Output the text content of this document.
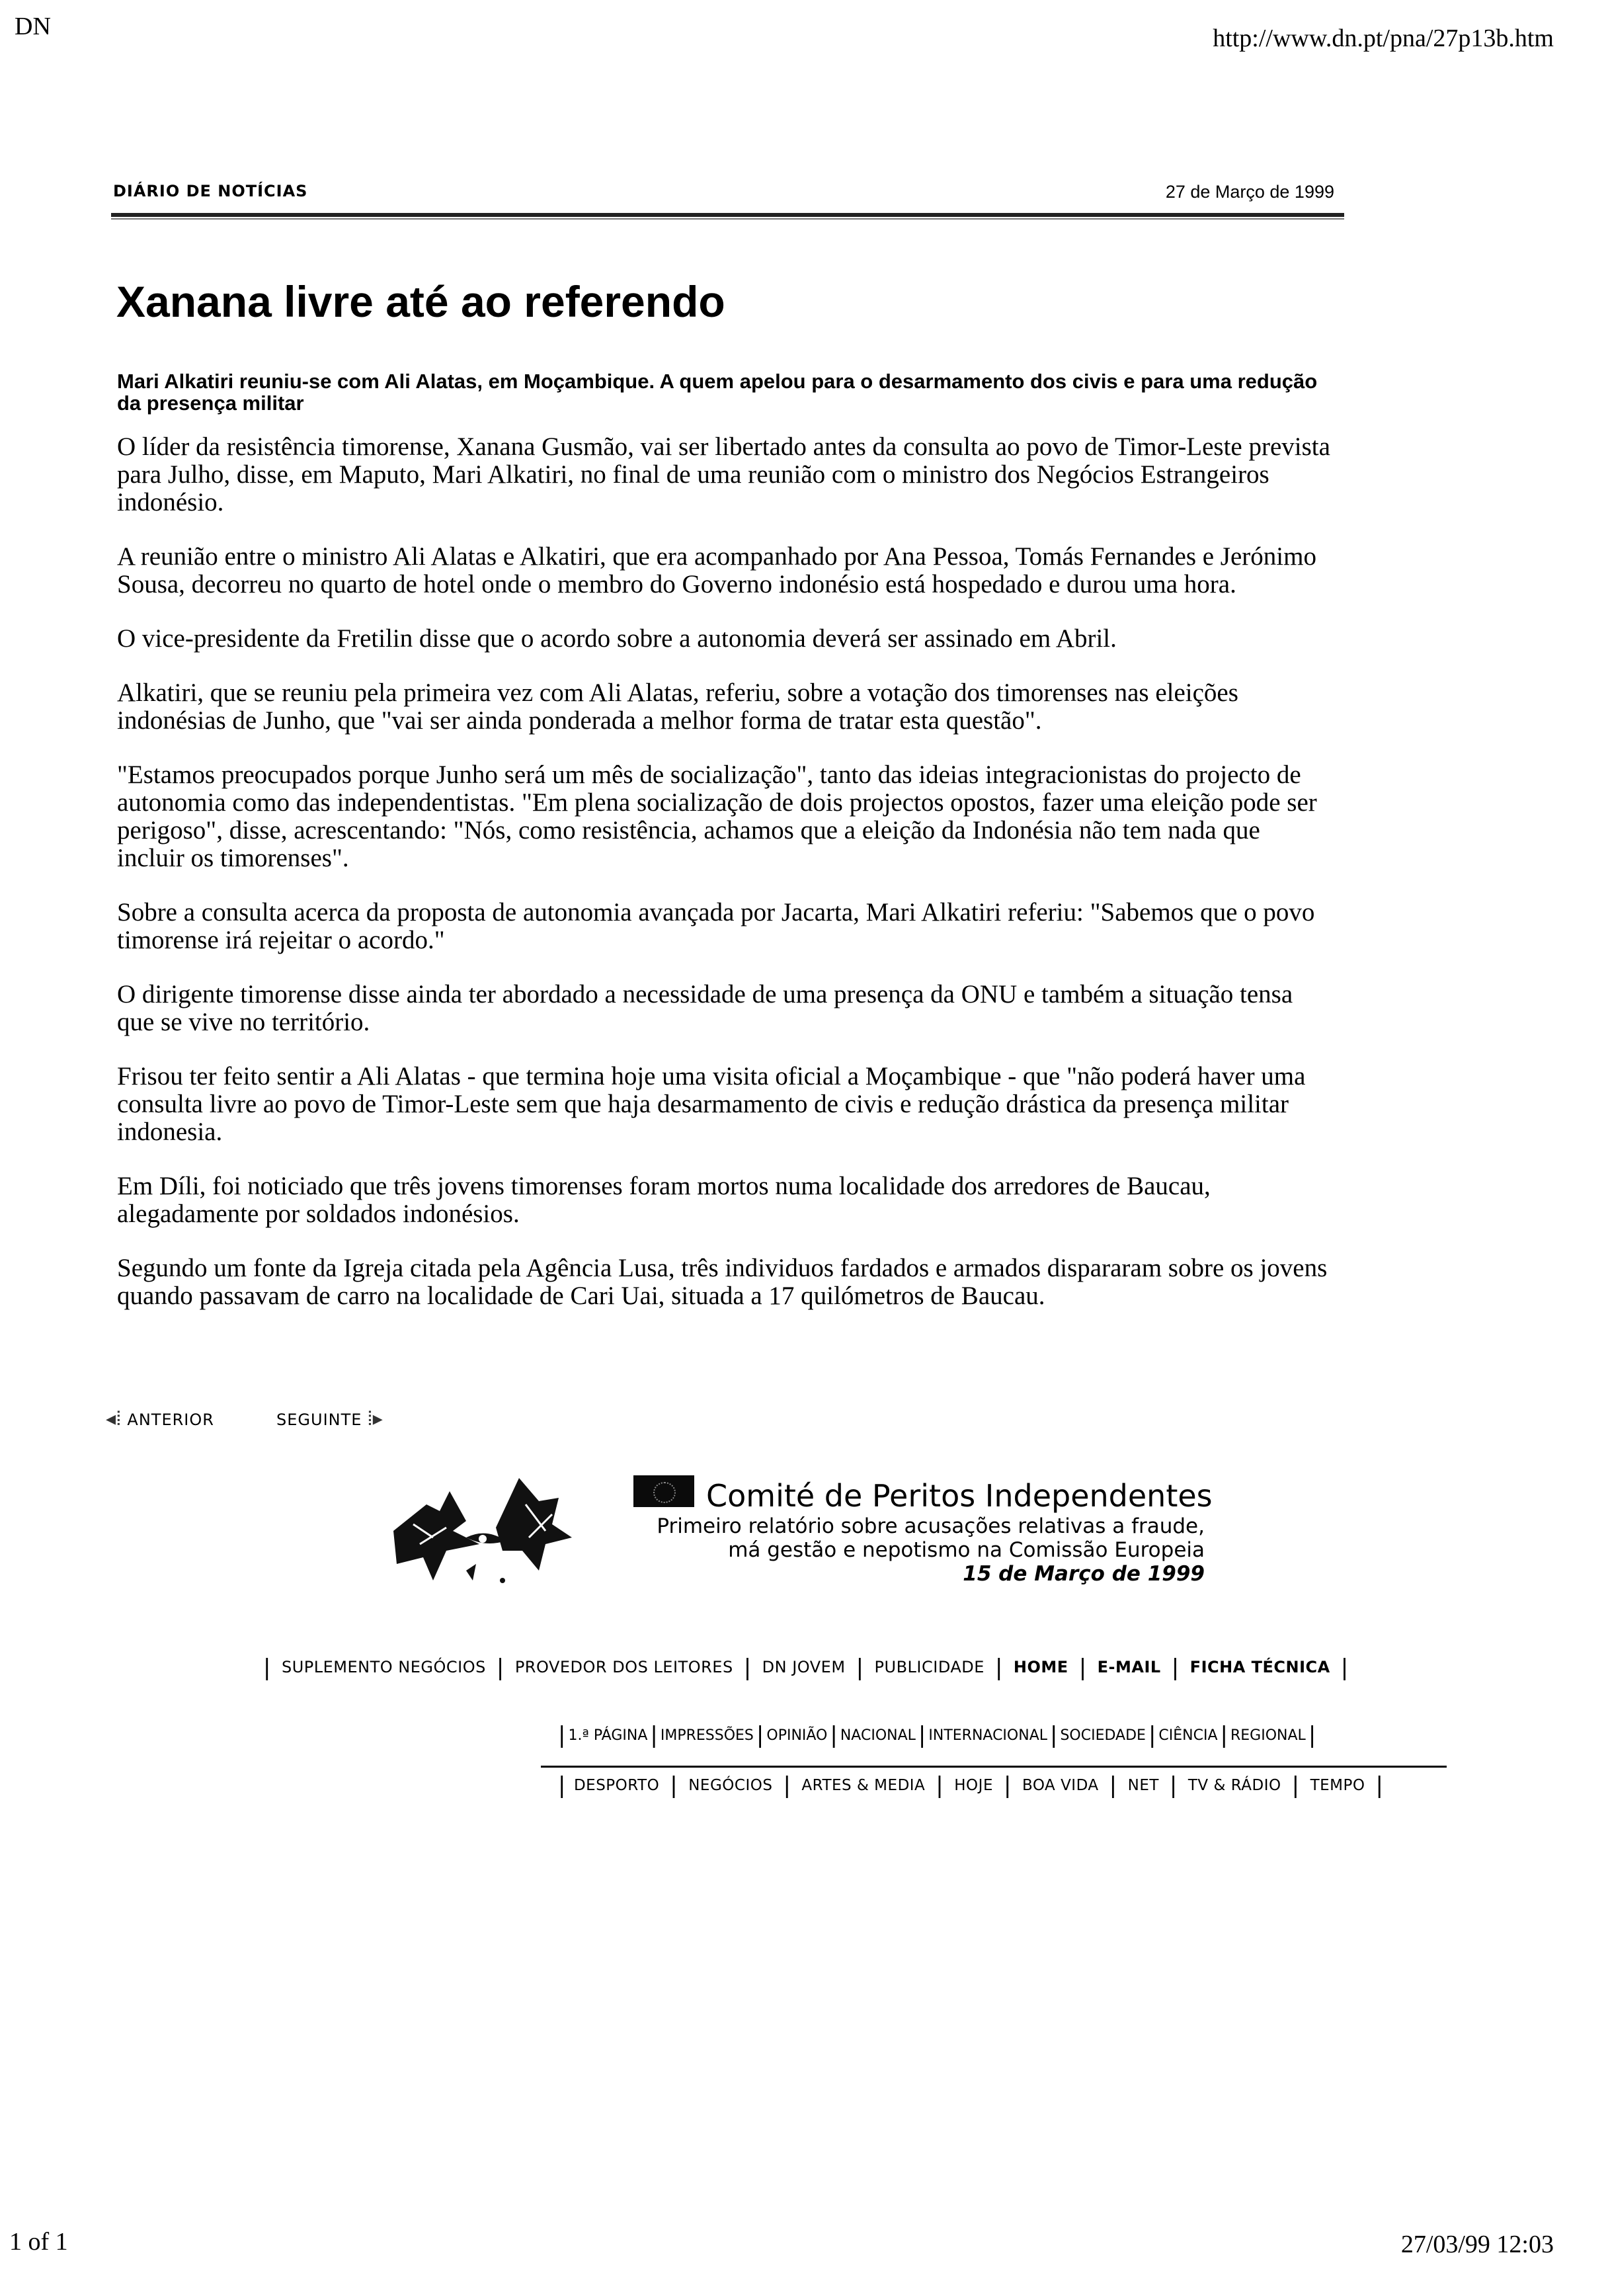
DN	http://www.dn.pt/pna/27p13b.htm
DIÁRIO DE NOTÍCIAS	27 de Março de 1999
Xanana livre até ao referendo
Mari Alkatiri reuniu-se com Ali Alatas, em Moçambique. A quem apelou para o desarmamento dos civis e para uma redução da presença militar

O líder da resistência timorense, Xanana Gusmão, vai ser libertado antes da consulta ao povo de Timor-Leste prevista para Julho, disse, em Maputo, Mari Alkatiri, no final de uma reunião com o ministro dos Negócios Estrangeiros indonésio.

A reunião entre o ministro Ali Alatas e Alkatiri, que era acompanhado por Ana Pessoa, Tomás Fernandes e Jerónimo Sousa, decorreu no quarto de hotel onde o membro do Governo indonésio está hospedado e durou uma hora.

O vice-presidente da Fretilin disse que o acordo sobre a autonomia deverá ser assinado em Abril.

Alkatiri, que se reuniu pela primeira vez com Ali Alatas, referiu, sobre a votação dos timorenses nas eleições indonésias de Junho, que "vai ser ainda ponderada a melhor forma de tratar esta questão".

"Estamos preocupados porque Junho será um mês de socialização", tanto das ideias integracionistas do projecto de autonomia como das independentistas. "Em plena socialização de dois projectos opostos, fazer uma eleição pode ser perigoso", disse, acrescentando: "Nós, como resistência, achamos que a eleição da Indonésia não tem nada que incluir os timorenses".

Sobre a consulta acerca da proposta de autonomia avançada por Jacarta, Mari Alkatiri referiu: "Sabemos que o povo timorense irá rejeitar o acordo."

O dirigente timorense disse ainda ter abordado a necessidade de uma presença da ONU e também a situação tensa que se vive no território.

Frisou ter feito sentir a Ali Alatas - que termina hoje uma visita oficial a Moçambique - que "não poderá haver uma consulta livre ao povo de Timor-Leste sem que haja desarmamento de civis e redução drástica da presença militar indonesia.

Em Díli, foi noticiado que três jovens timorenses foram mortos numa localidade dos arredores de Baucau, alegadamente por soldados indonésios.

Segundo um fonte da Igreja citada pela Agência Lusa, três individuos fardados e armados dispararam sobre os jovens quando passavam de carro na localidade de Cari Uai, situada a 17 quilómetros de Baucau.

◂⦙ ANTERIOR	SEGUINTE ⦙▸
Comité de Peritos Independentes
Primeiro relatório sobre acusações relativas a fraude,
má gestão e nepotismo na Comissão Europeia
15 de Março de 1999
| SUPLEMENTO NEGÓCIOS | PROVEDOR DOS LEITORES | DN JOVEM | PUBLICIDADE | HOME | E-MAIL | FICHA TÉCNICA |
| 1.ª PÁGINA | IMPRESSÕES | OPINIÃO | NACIONAL | INTERNACIONAL | SOCIEDADE | CIÊNCIA | REGIONAL |
| DESPORTO | NEGÓCIOS | ARTES & MEDIA | HOJE | BOA VIDA | NET | TV & RÁDIO | TEMPO |
1 of 1	27/03/99 12:03
